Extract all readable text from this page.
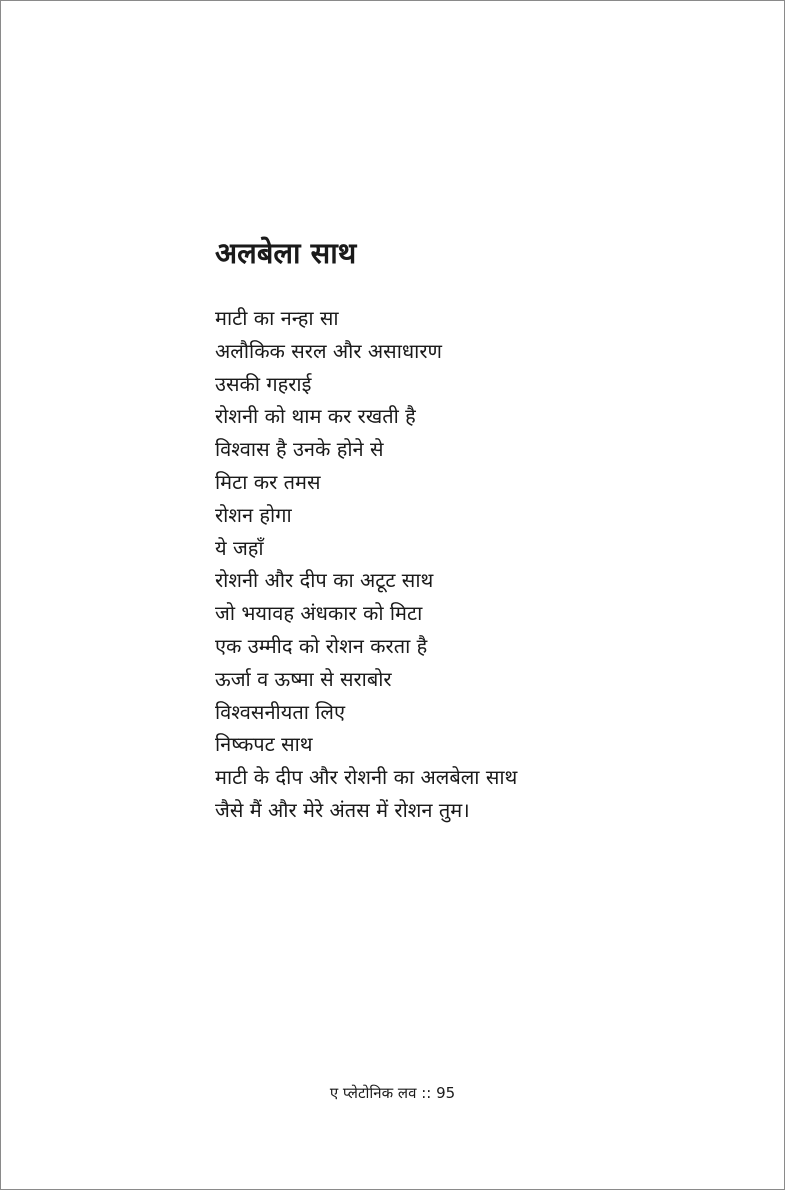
अलबेला साथ
माटी का नन्हा सा
अलौकिक सरल और असाधारण
उसकी गहराई
रोशनी को थाम कर रखती है
विश्वास है उनके होने से
मिटा कर तमस
रोशन होगा
ये जहाँ
रोशनी और दीप का अटूट साथ
जो भयावह अंधकार को मिटा
एक उम्मीद को रोशन करता है
ऊर्जा व ऊष्मा से सराबोर
विश्वसनीयता लिए
निष्कपट साथ
माटी के दीप और रोशनी का अलबेला साथ
जैसे मैं और मेरे अंतस में रोशन तुम।
ए प्लेटोनिक लव :: 95
